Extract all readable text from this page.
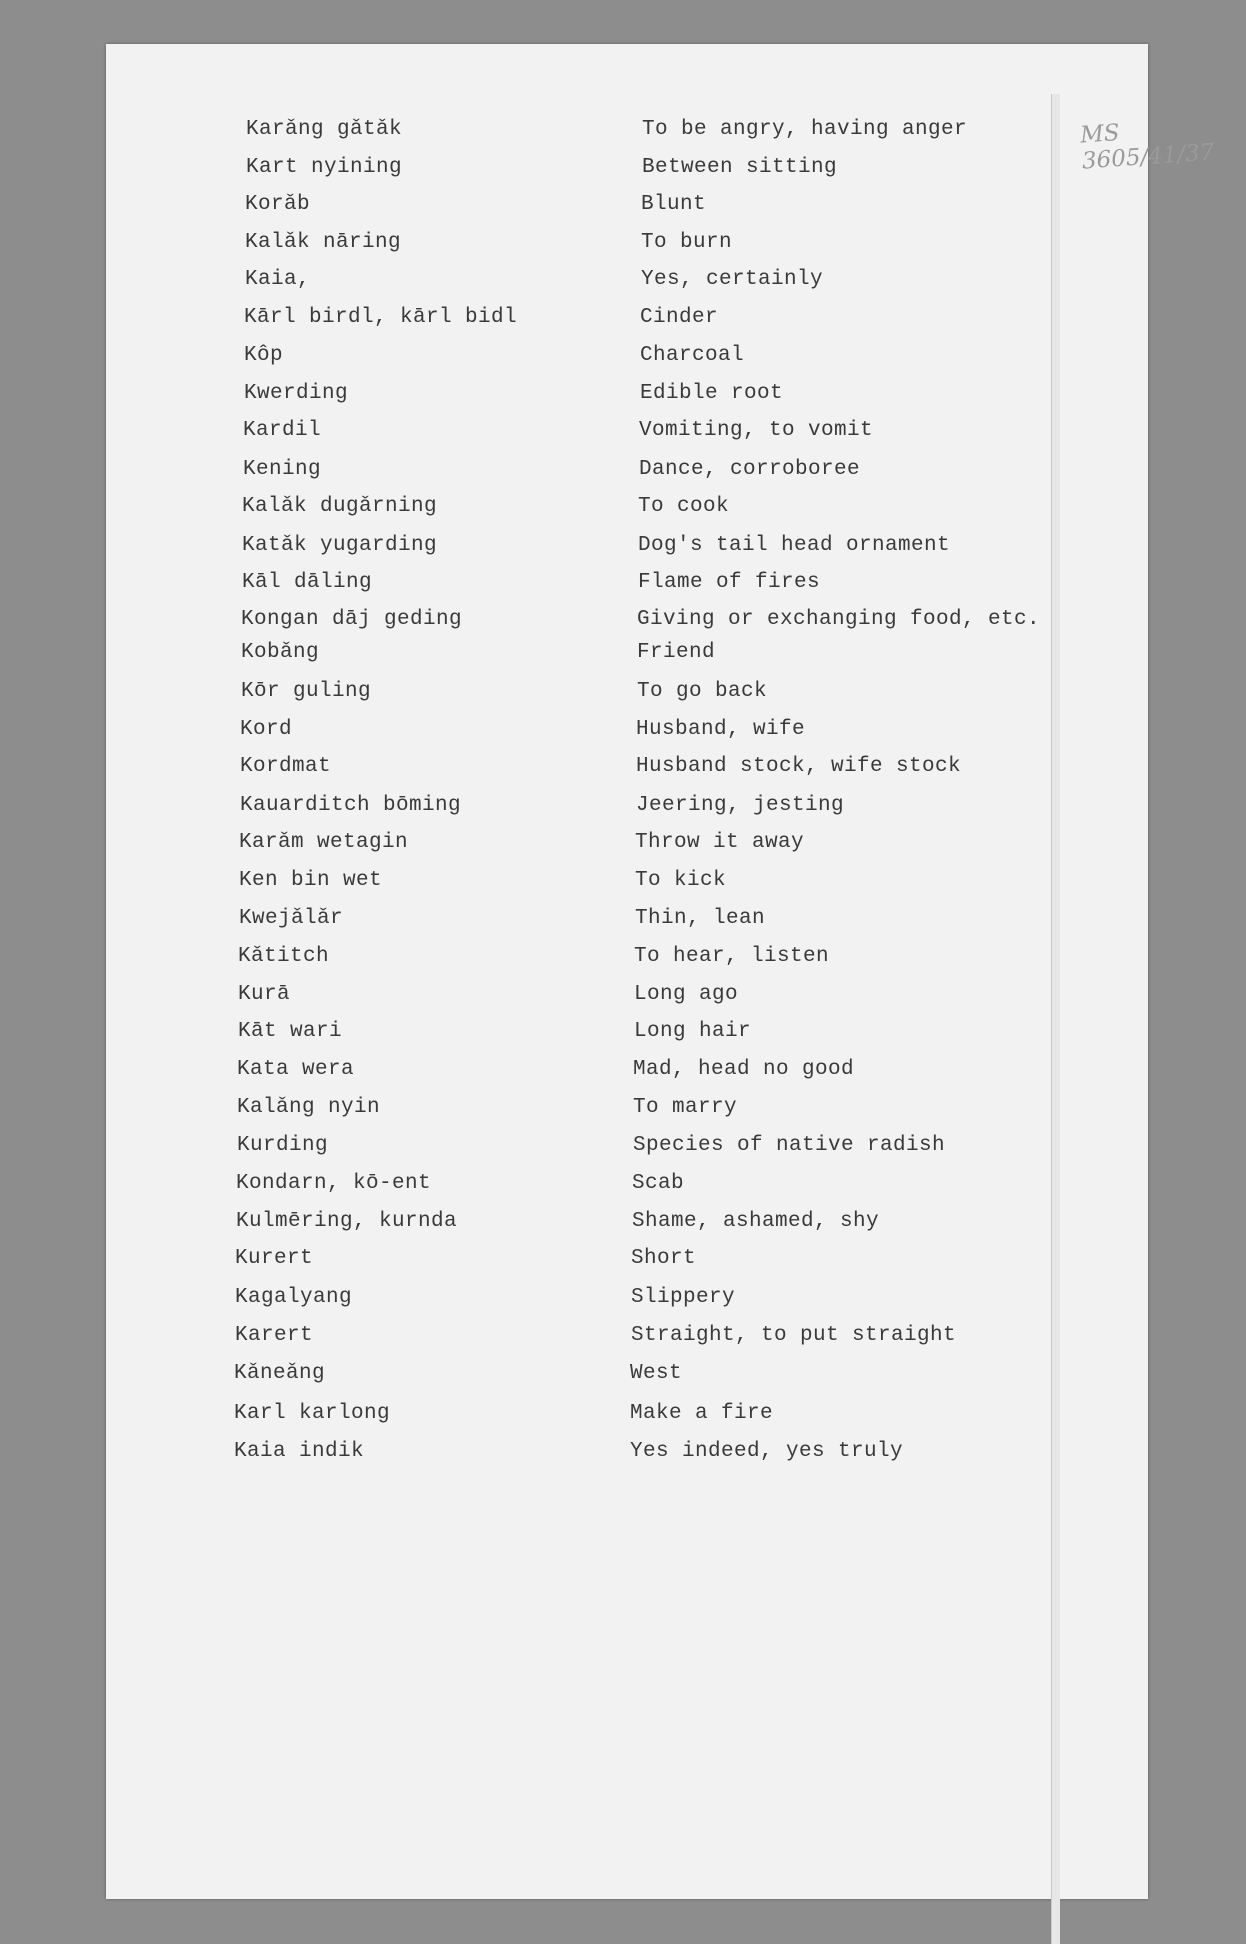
MS 3605/41/37
Karǎng gǎtǎk	To be angry, having anger
Kart nyining	Between sitting
Korǎb	Blunt
Kalǎk nāring	To burn
Kaia,	Yes, certainly
Kārl birdl, kārl bidl	Cinder
Kôp	Charcoal
Kwerding	Edible root
Kardil	Vomiting, to vomit
Kening	Dance, corroboree
Kalǎk dugǎrning	To cook
Katǎk yugarding	Dog's tail head ornament
Kāl dāling	Flame of fires
Kongan dāj geding	Giving or exchanging food, etc.
Kobǎng	Friend
Kōr guling	To go back
Kord	Husband, wife
Kordmat	Husband stock, wife stock
Kauarditch bōming	Jeering, jesting
Karǎm wetagin	Throw it away
Ken bin wet	To kick
Kwejǎlǎr	Thin, lean
Kǎtitch	To hear, listen
Kurā	Long ago
Kāt wari	Long hair
Kata wera	Mad, head no good
Kalǎng nyin	To marry
Kurding	Species of native radish
Kondarn, kō-ent	Scab
Kulmēring, kurnda	Shame, ashamed, shy
Kurert	Short
Kagalyang	Slippery
Karert	Straight, to put straight
Kǎneǎng	West
Karl karlong	Make a fire
Kaia indik	Yes indeed, yes truly
